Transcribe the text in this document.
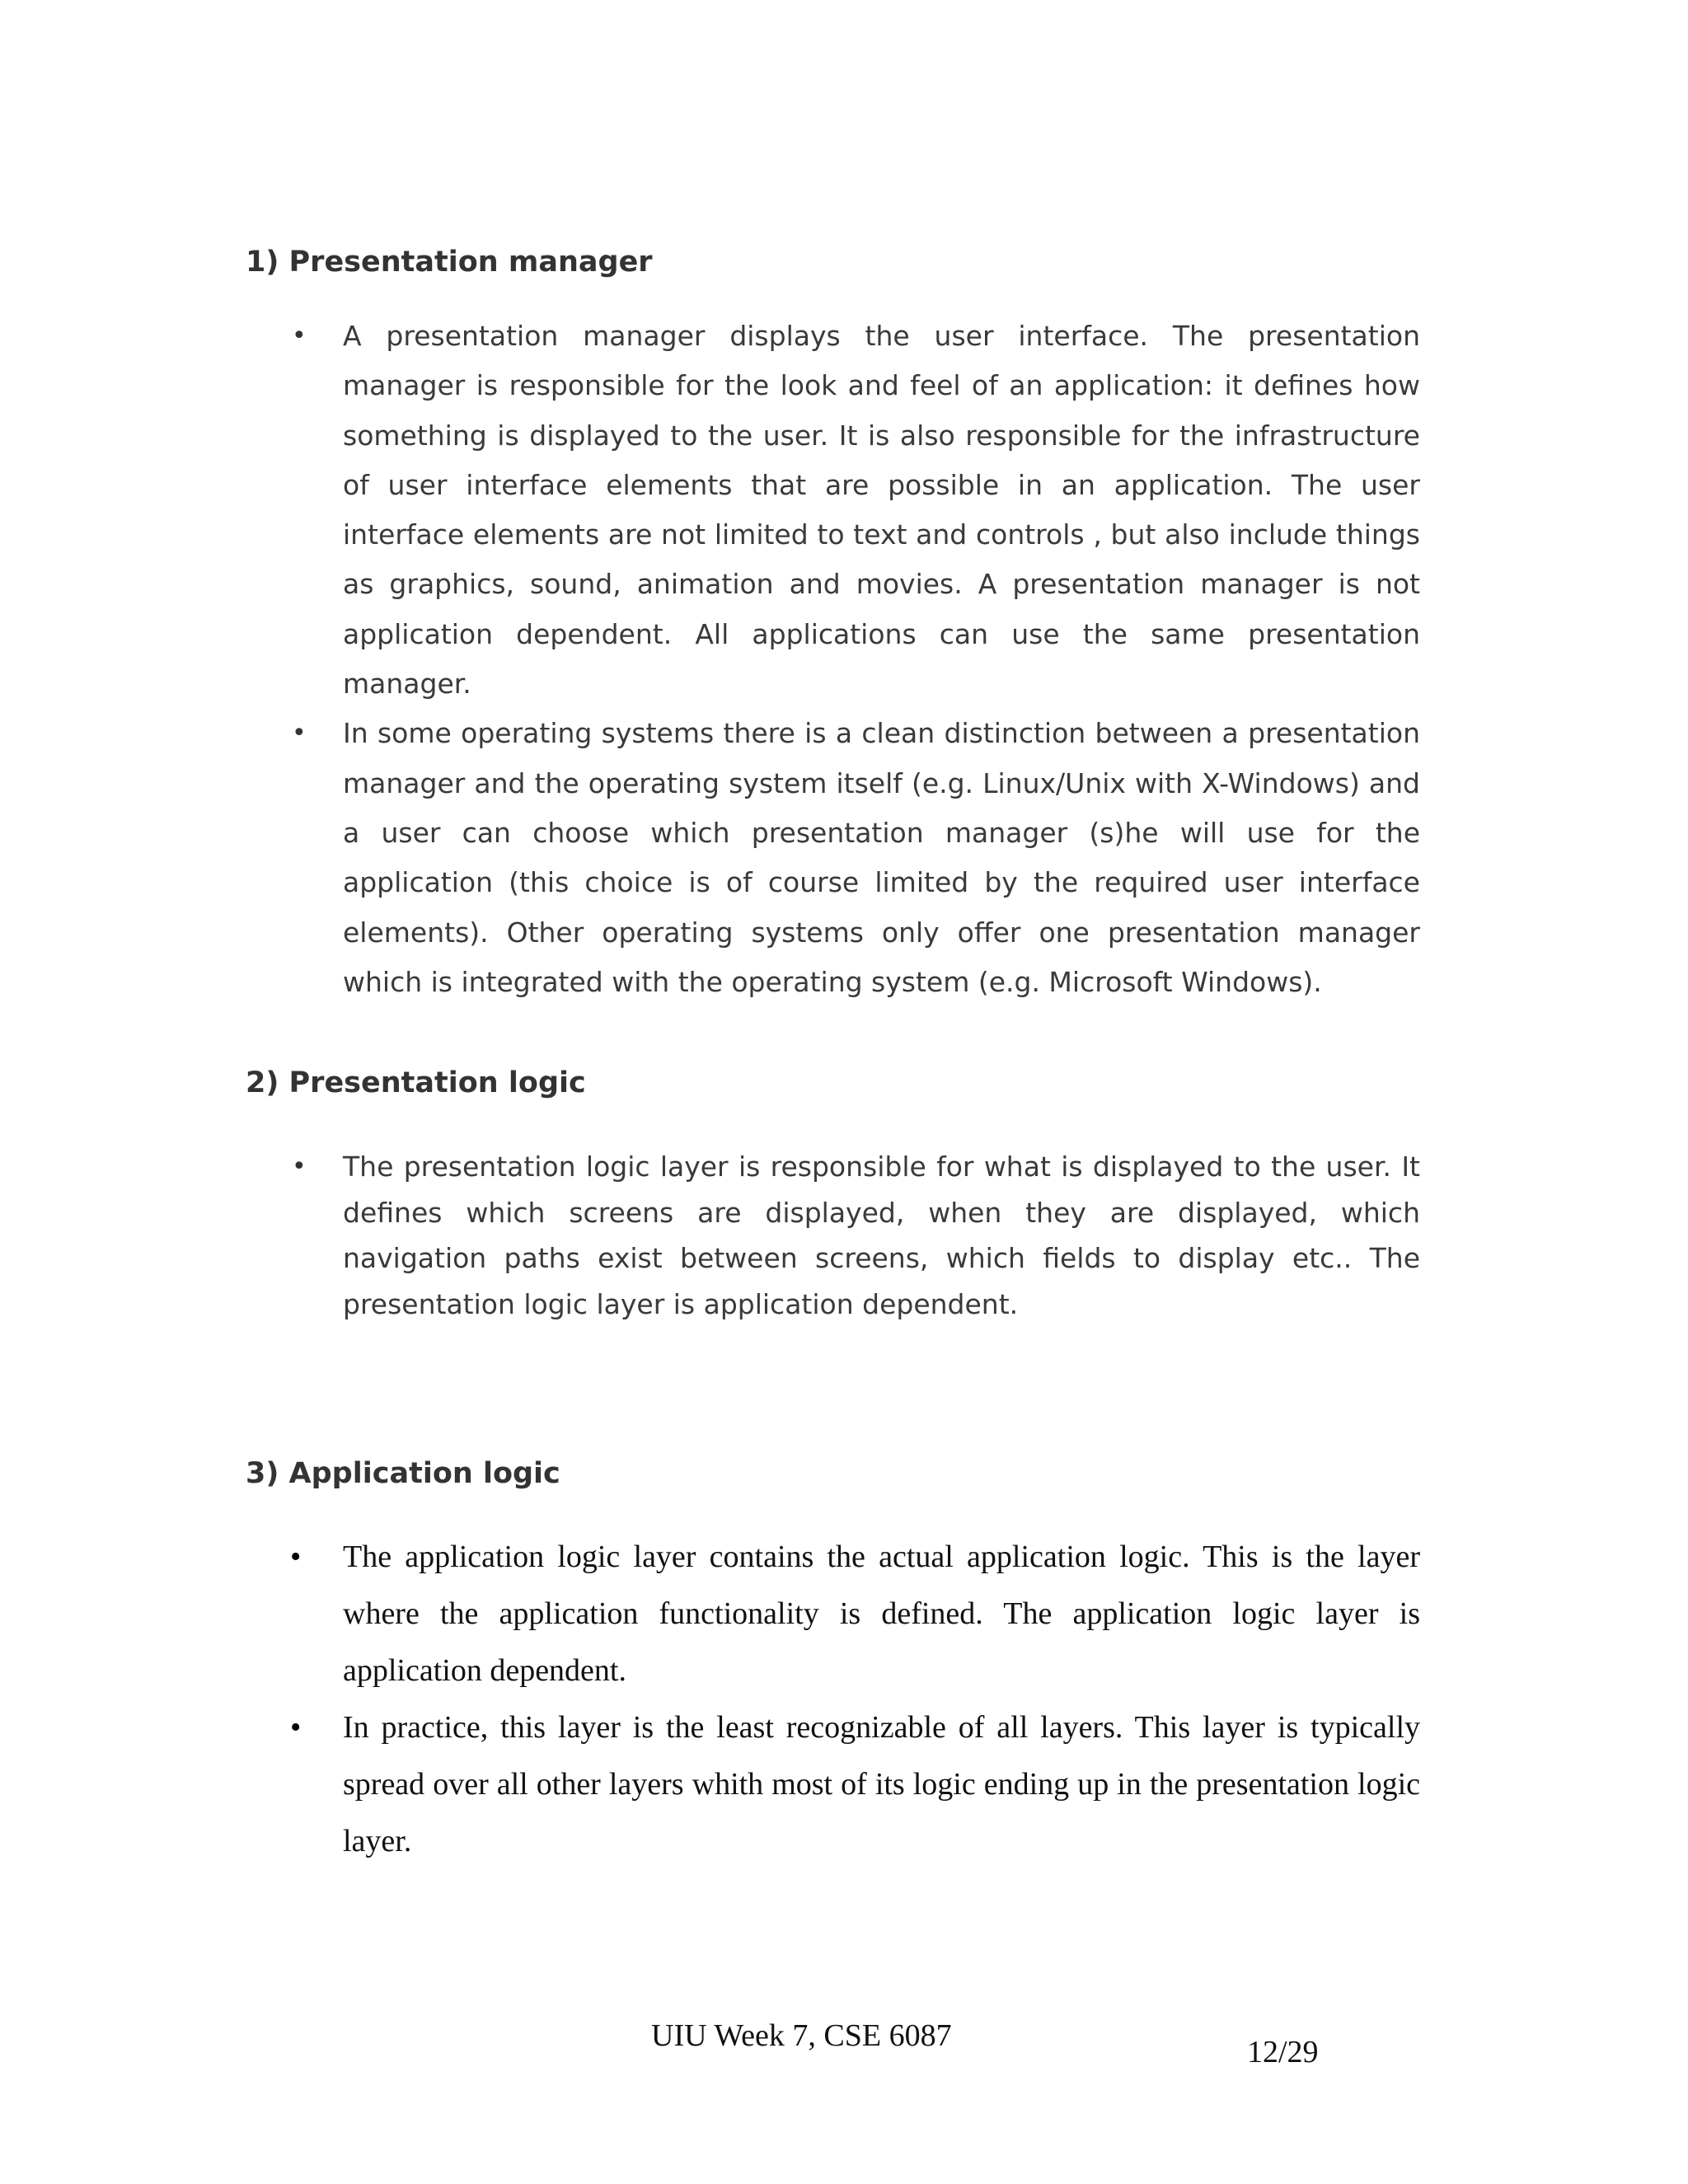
1) Presentation manager
• A presentation manager displays the user interface. The presentation manager is responsible for the look and feel of an application: it defines how something is displayed to the user. It is also responsible for the infrastructure of user interface elements that are possible in an application. The user interface elements are not limited to text and controls , but also include things as graphics, sound, animation and movies. A presentation manager is not application dependent. All applications can use the same presentation manager.
• In some operating systems there is a clean distinction between a presentation manager and the operating system itself (e.g. Linux/Unix with X-Windows) and a user can choose which presentation manager (s)he will use for the application (this choice is of course limited by the required user interface elements). Other operating systems only offer one presentation manager which is integrated with the operating system (e.g. Microsoft Windows).
2) Presentation logic
• The presentation logic layer is responsible for what is displayed to the user. It defines which screens are displayed, when they are displayed, which navigation paths exist between screens, which fields to display etc.. The presentation logic layer is application dependent.
3) Application logic
• The application logic layer contains the actual application logic. This is the layer where the application functionality is defined. The application logic layer is application dependent.
• In practice, this layer is the least recognizable of all layers. This layer is typically spread over all other layers whith most of its logic ending up in the presentation logic layer.
UIU Week 7, CSE 6087	12/29
